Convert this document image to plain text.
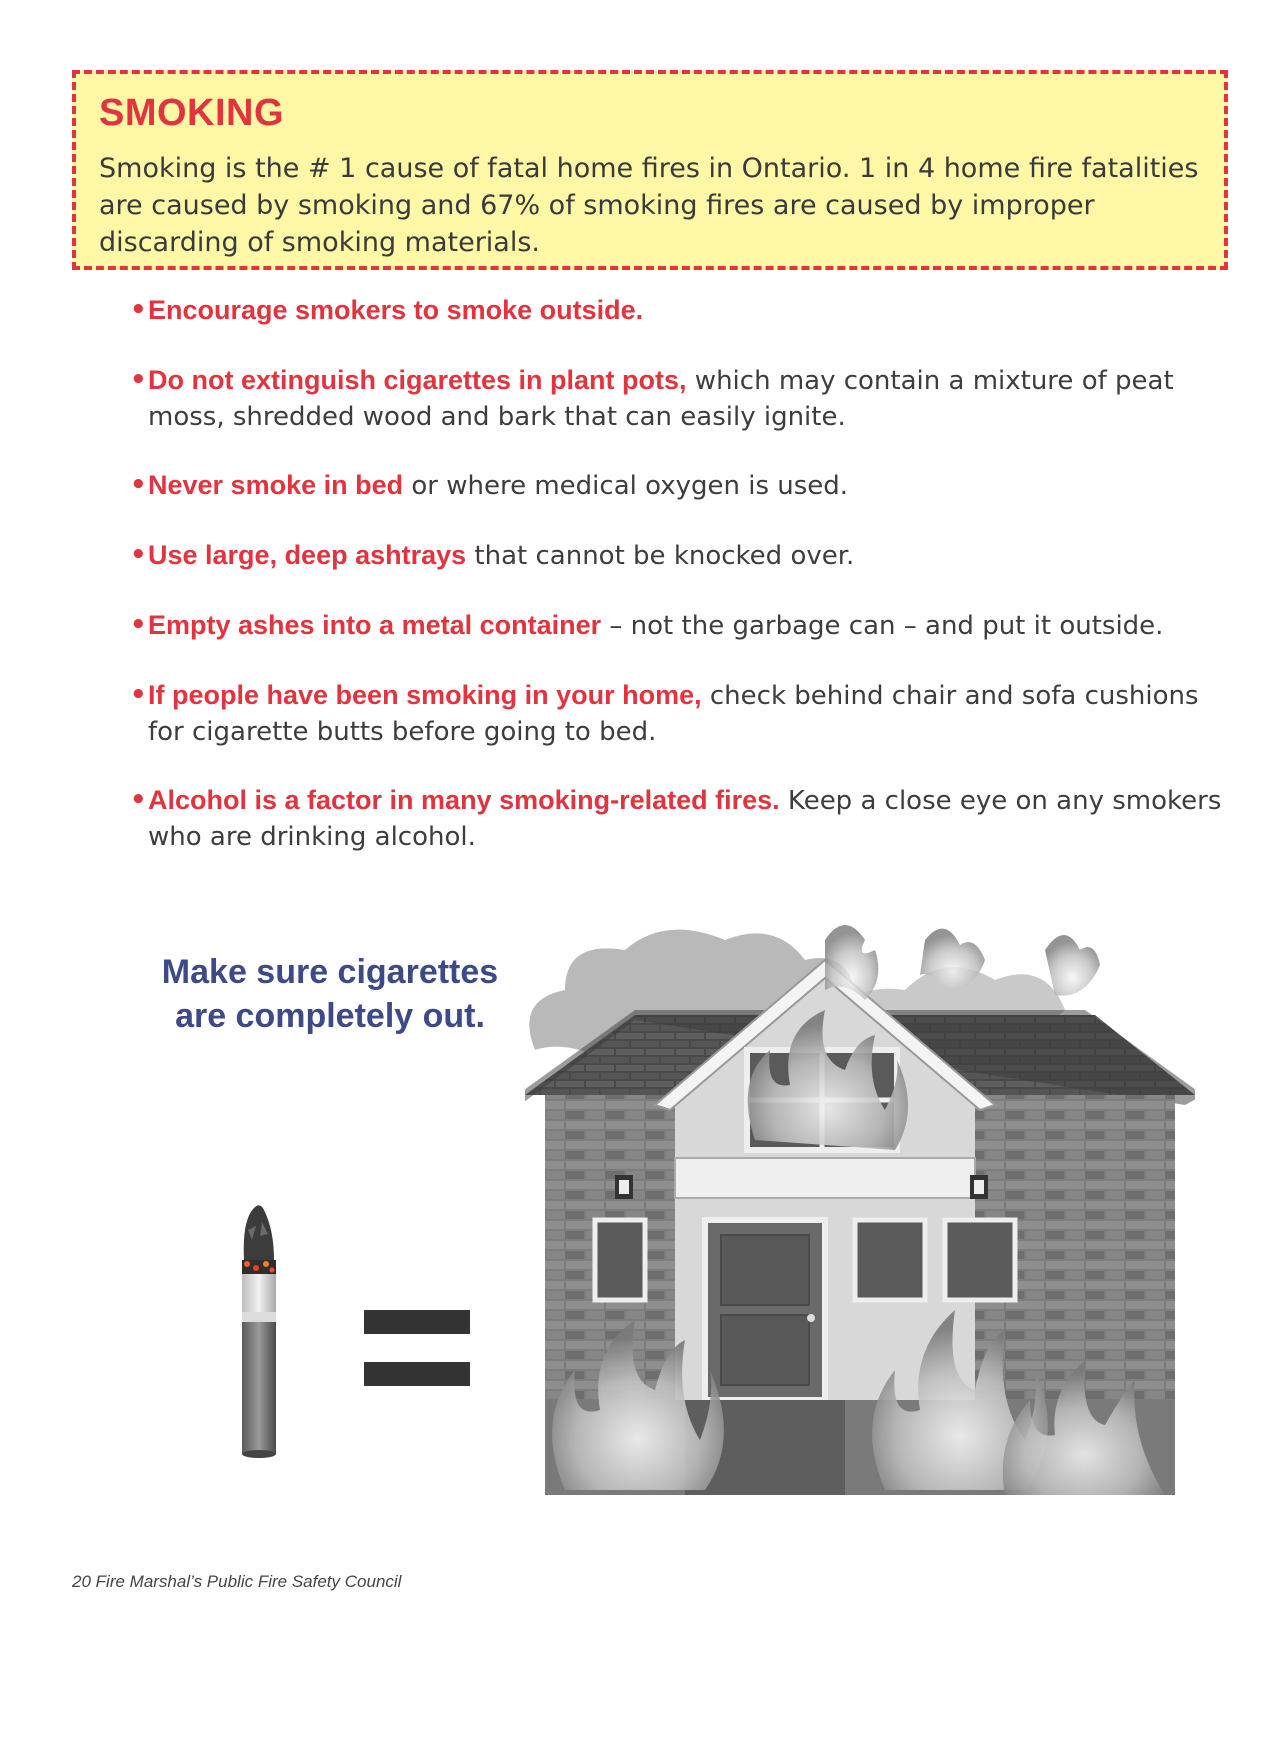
SMOKING

Smoking is the # 1 cause of fatal home fires in Ontario. 1 in 4 home fire fatalities are caused by smoking and 67% of smoking fires are caused by improper discarding of smoking materials.

• Encourage smokers to smoke outside.
• Do not extinguish cigarettes in plant pots, which may contain a mixture of peat moss, shredded wood and bark that can easily ignite.
• Never smoke in bed or where medical oxygen is used.
• Use large, deep ashtrays that cannot be knocked over.
• Empty ashes into a metal container – not the garbage can – and put it outside.
• If people have been smoking in your home, check behind chair and sofa cushions for cigarette butts before going to bed.
• Alcohol is a factor in many smoking-related fires. Keep a close eye on any smokers who are drinking alcohol.
Make sure cigarettes
are completely out.

20 Fire Marshal’s Public Fire Safety Council
